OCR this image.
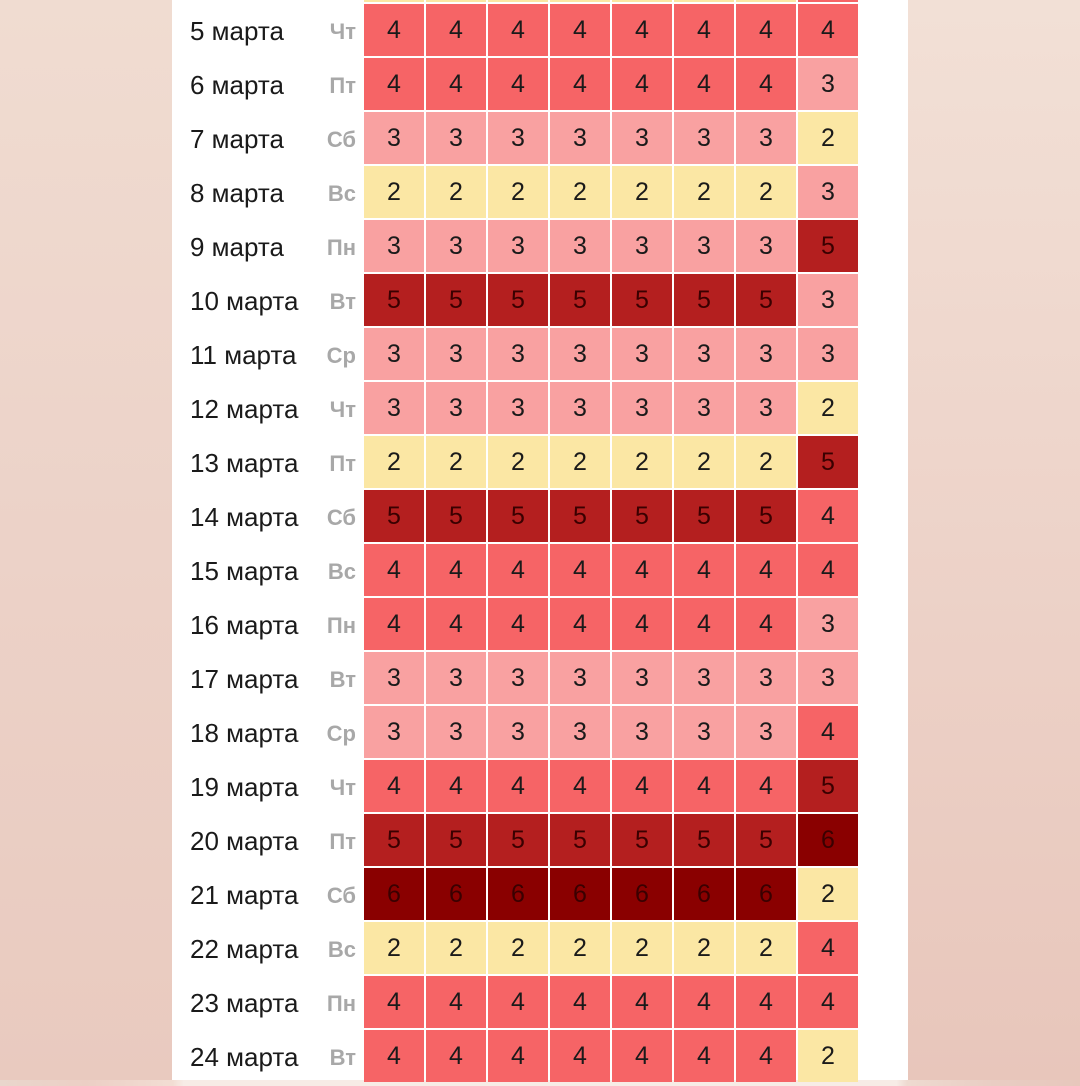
5 марта	Чт	4	4	4	4	4	4	4	4
6 марта	Пт	4	4	4	4	4	4	4	3
7 марта	Сб	3	3	3	3	3	3	3	2
8 марта	Вс	2	2	2	2	2	2	2	3
9 марта	Пн	3	3	3	3	3	3	3	5
10 марта	Вт	5	5	5	5	5	5	5	3
11 марта	Ср	3	3	3	3	3	3	3	3
12 марта	Чт	3	3	3	3	3	3	3	2
13 марта	Пт	2	2	2	2	2	2	2	5
14 марта	Сб	5	5	5	5	5	5	5	4
15 марта	Вс	4	4	4	4	4	4	4	4
16 марта	Пн	4	4	4	4	4	4	4	3
17 марта	Вт	3	3	3	3	3	3	3	3
18 марта	Ср	3	3	3	3	3	3	3	4
19 марта	Чт	4	4	4	4	4	4	4	5
20 марта	Пт	5	5	5	5	5	5	5	6
21 марта	Сб	6	6	6	6	6	6	6	2
22 марта	Вс	2	2	2	2	2	2	2	4
23 марта	Пн	4	4	4	4	4	4	4	4
24 марта	Вт	4	4	4	4	4	4	4	2
